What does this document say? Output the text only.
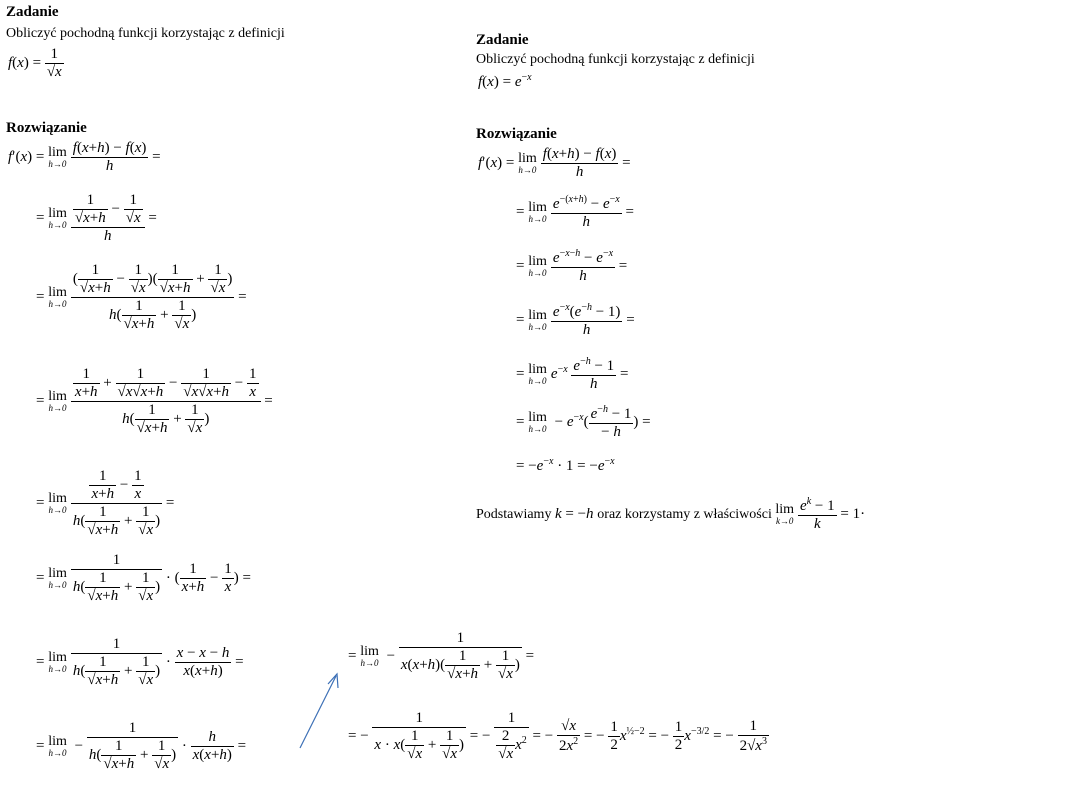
Zadanie
Obliczyć pochodną funkcji korzystając z definicji
$f(x) = \frac{1}{√x}$
Rozwiązanie
f′(x) = lim
$h\to 0 \frac{f(x+h) - f(x)}{h}$ =
= lim
$h\to 0 \frac{\frac{1}{√x+h} - \frac{1}{√x}}{h}$ =
= lim
$h\to 0 \frac{( \frac{1}{√x+h} - \frac{1}{√x} )( \frac{1}{√x+h} + \frac{1}{√x} )}{h( \frac{1}{√x+h} + \frac{1}{√x} )}$ =
= lim
$h\to 0 \frac{\frac{1}{x+h} + \frac{1}{√x√x+h} - \frac{1}{√x√x+h} - \frac{1}{x}}{h( \frac{1}{√x+h} + \frac{1}{√x} )}$ =
= lim
$h\to 0 \frac{\frac{1}{x+h} - \frac{1}{x}}{h( \frac{1}{√x+h} + \frac{1}{√x} )}$ =
= lim
$h\to 0 \frac{1}{h( \frac{1}{√x+h} + \frac{1}{√x} )}$ · ( $\frac{1}{x+h} - \frac{1}{x}$ ) =
= lim
$h\to 0 \frac{1}{h( \frac{1}{√x+h} + \frac{1}{√x} )} \cdot \frac{x - x - h}{x(x+h)}$ =
= lim
$h\to 0 - \frac{1}{h( \frac{1}{√x+h} + \frac{1}{√x} )} \cdot \frac{h}{x(x+h)}$ =
= lim
$h\to 0 - \frac{1}{x(x+h)( \frac{1}{√x+h} + \frac{1}{√x} )}$ =
= − $\frac{1}{x \cdot x( \frac{1}{√x} + \frac{1}{√x} )}$ = − $\frac{1}{\frac{2}{√x} x^2}$ = − $\frac{√x}{2x^2}$ = − $\frac{1}{2} x^{\frac{1}{2}-2}$ = − $\frac{1}{2} x^{-3/2}$ = − $\frac{1}{2√x^3}$
Zadanie
Obliczyć pochodną funkcji korzystając z definicji
$f(x) = e^{-x}$
Rozwiązanie
f′(x) = lim
$h\to 0 \frac{f(x+h) - f(x)}{h}$ =
= lim
$h\to 0 \frac{e^{-(x+h)} - e^{-x}}{h}$ =
= lim
$h\to 0 \frac{e^{-x-h} - e^{-x}}{h}$ =
= lim
$h\to 0 \frac{e^{-x}(e^{-h} - 1)}{h}$ =
= lim
h→0 $e^{-x} \frac{e^{-h} - 1}{h}$ =
= lim
$h\to 0 - e^{-x}( \frac{e^{-h} - 1}{- h}$ ) =
= $-e^{-x} \cdot 1 = -e^{-x}$
Podstawiamy k = −h oraz korzystamy z właściwości lim
$k\to 0 \frac{e^k - 1}{k} = 1\cdot$
